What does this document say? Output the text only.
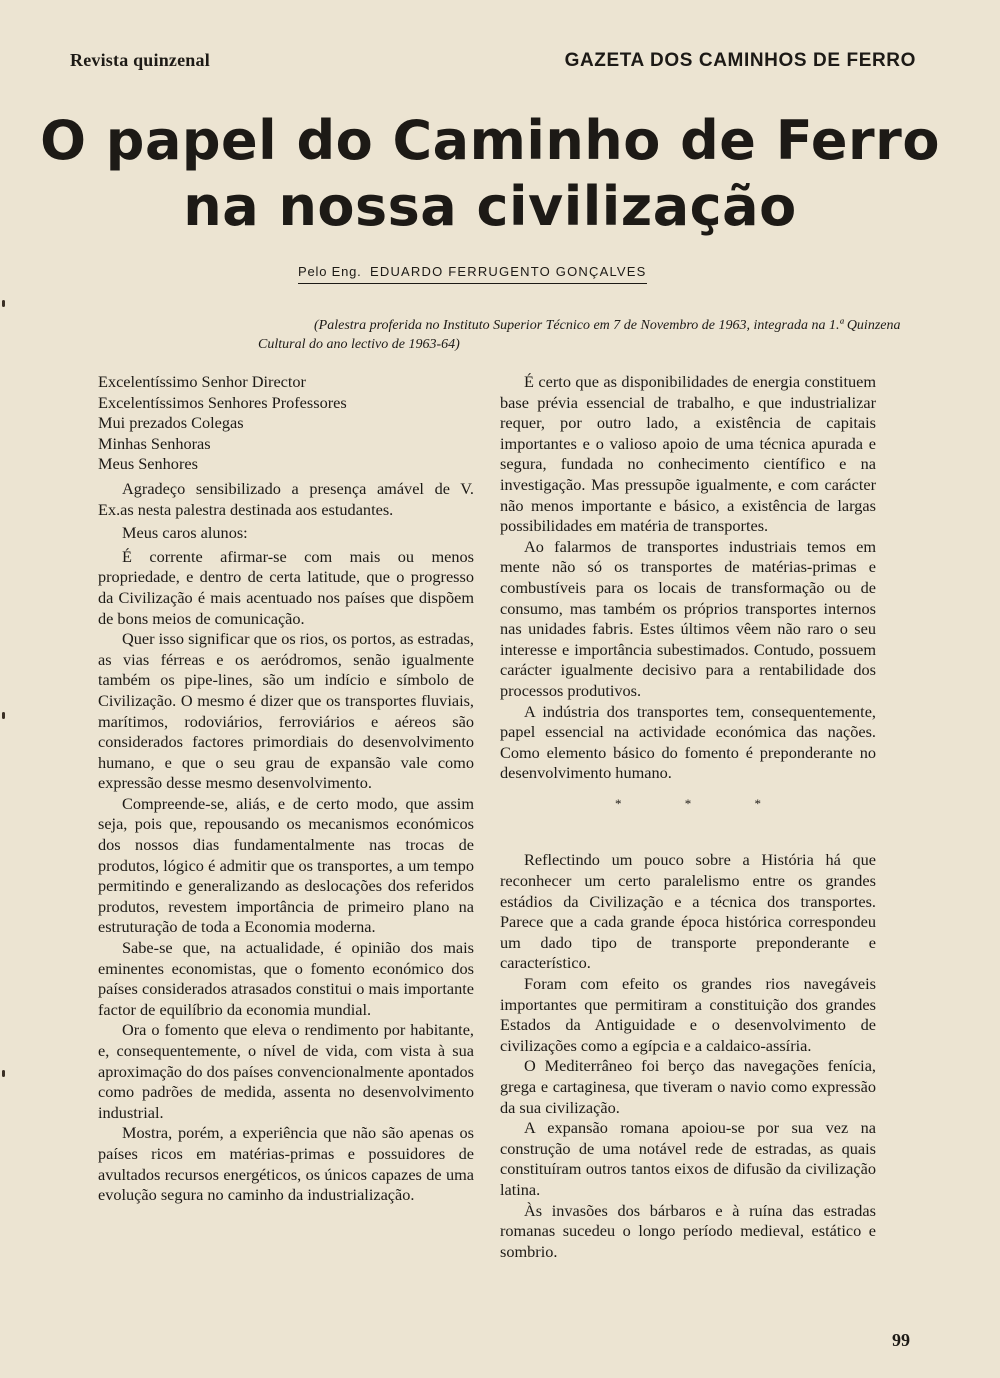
Revista quinzenal	GAZETA DOS CAMINHOS DE FERRO
O papel do Caminho de Ferro
na nossa civilização
Pelo Eng. EDUARDO FERRUGENTO GONÇALVES
(Palestra proferida no Instituto Superior Técnico em 7 de Novembro de 1963, integrada na 1.ª Quinzena Cultural do ano lectivo de 1963-64)
Excelentíssimo Senhor Director
Excelentíssimos Senhores Professores
Mui prezados Colegas
Minhas Senhoras
Meus Senhores

Agradeço sensibilizado a presença amável de V. Ex.as nesta palestra destinada aos estudantes.

Meus caros alunos:

É corrente afirmar-se com mais ou menos propriedade, e dentro de certa latitude, que o progresso da Civilização é mais acentuado nos países que dispõem de bons meios de comunicação.

Quer isso significar que os rios, os portos, as estradas, as vias férreas e os aeródromos, senão igualmente também os pipe-lines, são um indício e símbolo de Civilização. O mesmo é dizer que os transportes fluviais, marítimos, rodoviários, ferroviários e aéreos são considerados factores primordiais do desenvolvimento humano, e que o seu grau de expansão vale como expressão desse mesmo desenvolvimento.

Compreende-se, aliás, e de certo modo, que assim seja, pois que, repousando os mecanismos económicos dos nossos dias fundamentalmente nas trocas de produtos, lógico é admitir que os transportes, a um tempo permitindo e generalizando as deslocações dos referidos produtos, revestem importância de primeiro plano na estruturação de toda a Economia moderna.

Sabe-se que, na actualidade, é opinião dos mais eminentes economistas, que o fomento económico dos países considerados atrasados constitui o mais importante factor de equilíbrio da economia mundial.

Ora o fomento que eleva o rendimento por habitante, e, consequentemente, o nível de vida, com vista à sua aproximação do dos países convencionalmente apontados como padrões de medida, assenta no desenvolvimento industrial.

Mostra, porém, a experiência que não são apenas os países ricos em matérias-primas e possuidores de avultados recursos energéticos, os únicos capazes de uma evolução segura no caminho da industrialização.

É certo que as disponibilidades de energia constituem base prévia essencial de trabalho, e que industrializar requer, por outro lado, a existência de capitais importantes e o valioso apoio de uma técnica apurada e segura, fundada no conhecimento científico e na investigação. Mas pressupõe igualmente, e com carácter não menos importante e básico, a existência de largas possibilidades em matéria de transportes.

Ao falarmos de transportes industriais temos em mente não só os transportes de matérias-primas e combustíveis para os locais de transformação ou de consumo, mas também os próprios transportes internos nas unidades fabris. Estes últimos vêem não raro o seu interesse e importância subestimados. Contudo, possuem carácter igualmente decisivo para a rentabilidade dos processos produtivos.

A indústria dos transportes tem, consequentemente, papel essencial na actividade económica das nações. Como elemento básico do fomento é preponderante no desenvolvimento humano.

* * *

Reflectindo um pouco sobre a História há que reconhecer um certo paralelismo entre os grandes estádios da Civilização e a técnica dos transportes. Parece que a cada grande época histórica correspondeu um dado tipo de transporte preponderante e característico.

Foram com efeito os grandes rios navegáveis importantes que permitiram a constituição dos grandes Estados da Antiguidade e o desenvolvimento de civilizações como a egípcia e a caldaico-assíria.

O Mediterrâneo foi berço das navegações fenícia, grega e cartaginesa, que tiveram o navio como expressão da sua civilização.

A expansão romana apoiou-se por sua vez na construção de uma notável rede de estradas, as quais constituíram outros tantos eixos de difusão da civilização latina.

Às invasões dos bárbaros e à ruína das estradas romanas sucedeu o longo período medieval, estático e sombrio.

99
